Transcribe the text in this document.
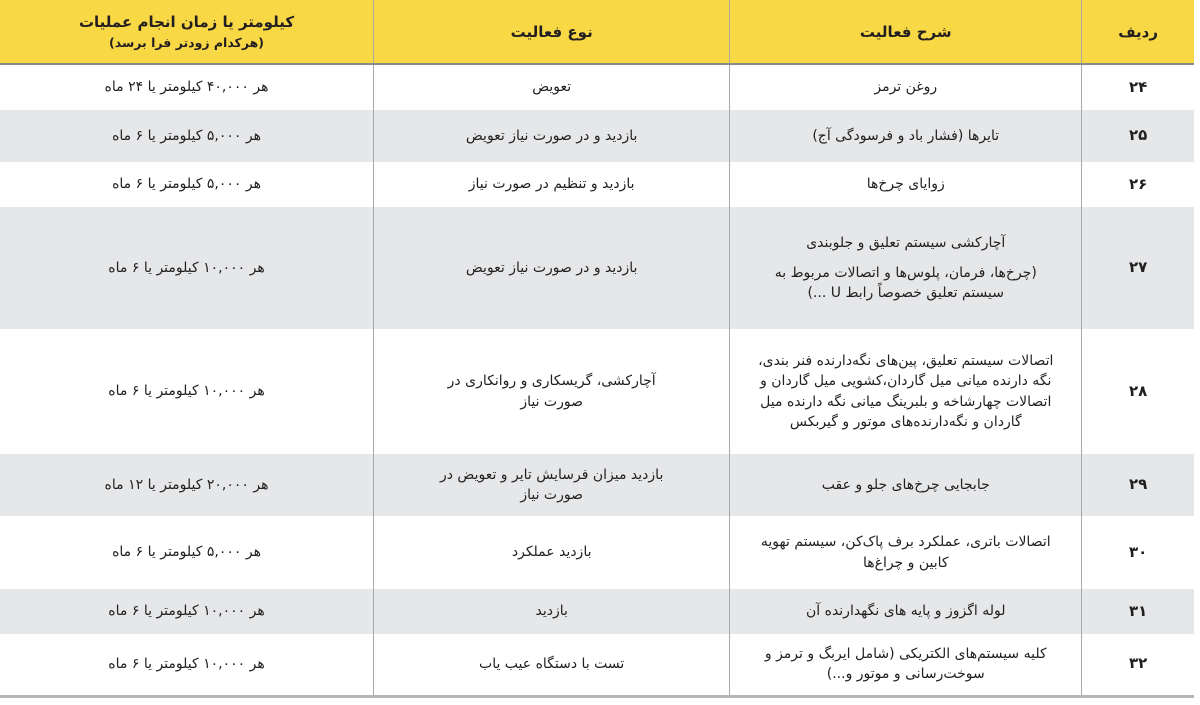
ردیف	شرح فعالیت	نوع فعالیت	کیلومتر یا زمان انجام عملیات
(هرکدام زودتر فرا برسد)

۲۴	روغن ترمز	تعویض	هر ۴۰,۰۰۰ کیلومتر یا ۲۴ ماه
۲۵	تایرها (فشار باد و فرسودگی آج)	بازدید و در صورت نیاز تعویض	هر ۵,۰۰۰ کیلومتر یا ۶ ماه
۲۶	زوایای چرخ‌ها	بازدید و تنظیم در صورت نیاز	هر ۵,۰۰۰ کیلومتر یا ۶ ماه
۲۷	آچارکشی سیستم تعلیق و جلوبندی
(چرخ‌ها، فرمان، پلوس‌ها و اتصالات مربوط به
سیستم تعلیق خصوصاً رابط U ...)	بازدید و در صورت نیاز تعویض	هر ۱۰,۰۰۰ کیلومتر یا ۶ ماه
۲۸	اتصالات سیستم تعلیق، پین‌های نگه‌دارنده فنر بندی،
نگه دارنده میانی میل گاردان،کشویی میل گاردان و
اتصالات چهارشاخه و بلبرینگ میانی نگه دارنده میل
گاردان و نگه‌دارنده‌های موتور و گیربکس	آچارکشی، گریسکاری و روانکاری در
صورت نیاز	هر ۱۰,۰۰۰ کیلومتر یا ۶ ماه
۲۹	جابجایی چرخ‌های جلو و عقب	بازدید میزان فرسایش تایر و تعویض در
صورت نیاز	هر ۲۰,۰۰۰ کیلومتر یا ۱۲ ماه
۳۰	اتصالات باتری، عملکرد برف پاک‌کن، سیستم تهویه
کابین و چراغ‌ها	بازدید عملکرد	هر ۵,۰۰۰ کیلومتر یا ۶ ماه
۳۱	لوله اگزوز و پایه های نگهدارنده آن	بازدید	هر ۱۰,۰۰۰ کیلومتر یا ۶ ماه
۳۲	کلیه سیستم‌های الکتریکی (شامل ایربگ و ترمز و
سوخت‌رسانی و موتور و...)	تست با دستگاه عیب یاب	هر ۱۰,۰۰۰ کیلومتر یا ۶ ماه
